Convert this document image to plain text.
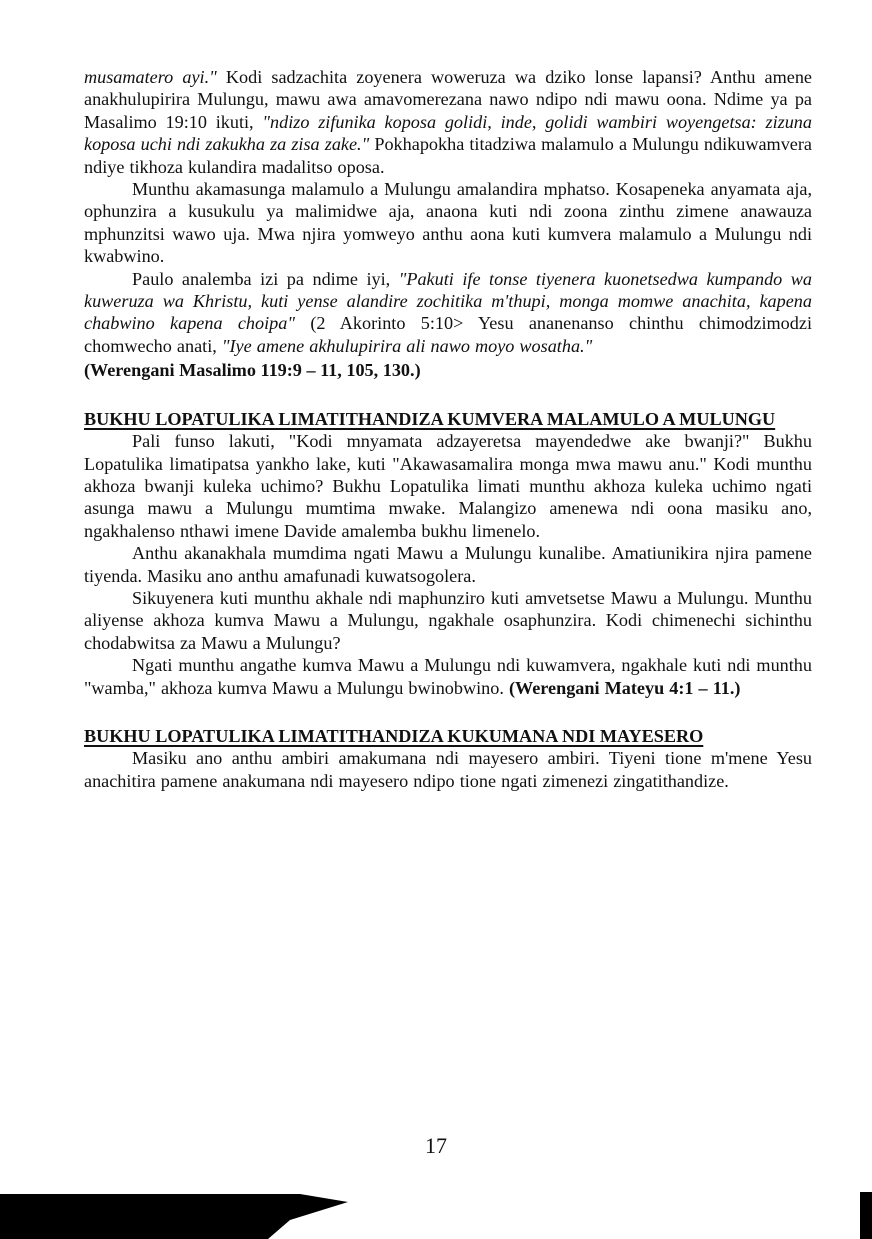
musamatero ayi." Kodi sadzachita zoyenera woweruza wa dziko lonse lapansi? Anthu amene anakhulupirira Mulungu, mawu awa amavomerezana nawo ndipo ndi mawu oona. Ndime ya pa Masalimo 19:10 ikuti, "ndizo zifunika koposa golidi, inde, golidi wambiri woyengetsa: zizuna koposa uchi ndi zakukha za zisa zake." Pokhapokha titadziwa malamulo a Mulungu ndikuwamvera ndiye tikhoza kulandira madalitso oposa.

Munthu akamasunga malamulo a Mulungu amalandira mphatso. Kosapeneka anyamata aja, ophunzira a kusukulu ya malimidwe aja, anaona kuti ndi zoona zinthu zimene anawauza mphunzitsi wawo uja. Mwa njira yomweyo anthu aona kuti kumvera malamulo a Mulungu ndi kwabwino.

Paulo analemba izi pa ndime iyi, "Pakuti ife tonse tiyenera kuonetsedwa kumpando wa kuweruza wa Khristu, kuti yense alandire zochitika m'thupi, monga momwe anachita, kapena chabwino kapena choipa" (2 Akorinto 5:10> Yesu ananenanso chinthu chimodzimodzi chomwecho anati, "Iye amene akhulupirira ali nawo moyo wosatha."

(Werengani Masalimo 119:9 – 11, 105, 130.)

BUKHU LOPATULIKA LIMATITHANDIZA KUMVERA MALAMULO A MULUNGU

Pali funso lakuti, "Kodi mnyamata adzayeretsa mayendedwe ake bwanji?" Bukhu Lopatulika limatipatsa yankho lake, kuti "Akawasamalira monga mwa mawu anu." Kodi munthu akhoza bwanji kuleka uchimo? Bukhu Lopatulika limati munthu akhoza kuleka uchimo ngati asunga mawu a Mulungu mumtima mwake. Malangizo amenewa ndi oona masiku ano, ngakhalenso nthawi imene Davide amalemba bukhu limenelo.

Anthu akanakhala mumdima ngati Mawu a Mulungu kunalibe. Amatiunikira njira pamene tiyenda. Masiku ano anthu amafunadi kuwatsogolera.

Sikuyenera kuti munthu akhale ndi maphunziro kuti amvetsetse Mawu a Mulungu. Munthu aliyense akhoza kumva Mawu a Mulungu, ngakhale osaphunzira. Kodi chimenechi sichinthu chodabwitsa za Mawu a Mulungu?

Ngati munthu angathe kumva Mawu a Mulungu ndi kuwamvera, ngakhale kuti ndi munthu "wamba," akhoza kumva Mawu a Mulungu bwinobwino. (Werengani Mateyu 4:1 – 11.)

BUKHU LOPATULIKA LIMATITHANDIZA KUKUMANA NDI MAYESERO

Masiku ano anthu ambiri amakumana ndi mayesero ambiri. Tiyeni tione m'mene Yesu anachitira pamene anakumana ndi mayesero ndipo tione ngati zimenezi zingatithandize.

17
